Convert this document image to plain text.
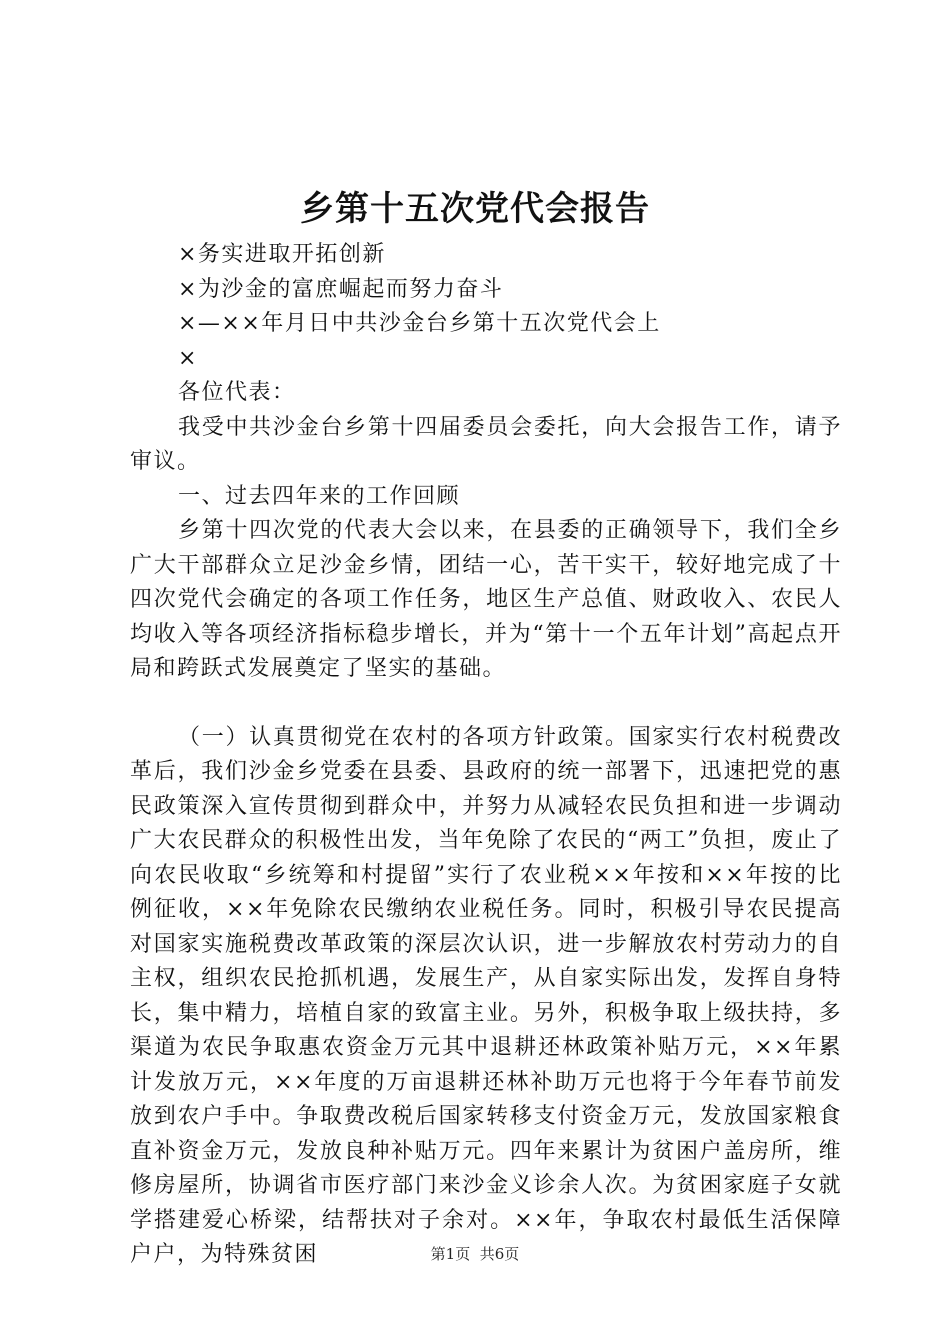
乡第十五次党代会报告

×务实进取开拓创新

×为沙金的富庶崛起而努力奋斗

×—××年月日中共沙金台乡第十五次党代会上

×

各位代表：

我受中共沙金台乡第十四届委员会委托，向大会报告工作，请予审议。

一、过去四年来的工作回顾

乡第十四次党的代表大会以来，在县委的正确领导下，我们全乡广大干部群众立足沙金乡情，团结一心，苦干实干，较好地完成了十四次党代会确定的各项工作任务，地区生产总值、财政收入、农民人均收入等各项经济指标稳步增长，并为“第十一个五年计划”高起点开局和跨跃式发展奠定了坚实的基础。

（一）认真贯彻党在农村的各项方针政策。国家实行农村税费改革后，我们沙金乡党委在县委、县政府的统一部署下，迅速把党的惠民政策深入宣传贯彻到群众中，并努力从减轻农民负担和进一步调动广大农民群众的积极性出发，当年免除了农民的“两工”负担，废止了向农民收取“乡统筹和村提留”实行了农业税××年按和××年按的比例征收，××年免除农民缴纳农业税任务。同时，积极引导农民提高对国家实施税费改革政策的深层次认识，进一步解放农村劳动力的自主权，组织农民抢抓机遇，发展生产，从自家实际出发，发挥自身特长，集中精力，培植自家的致富主业。另外，积极争取上级扶持，多渠道为农民争取惠农资金万元其中退耕还林政策补贴万元，××年累计发放万元，××年度的万亩退耕还林补助万元也将于今年春节前发放到农户手中。争取费改税后国家转移支付资金万元，发放国家粮食直补资金万元，发放良种补贴万元。四年来累计为贫困户盖房所，维修房屋所，协调省市医疗部门来沙金义诊余人次。为贫困家庭子女就学搭建爱心桥梁，结帮扶对子余对。××年，争取农村最低生活保障户户，为特殊贫困	第1页 共6页
